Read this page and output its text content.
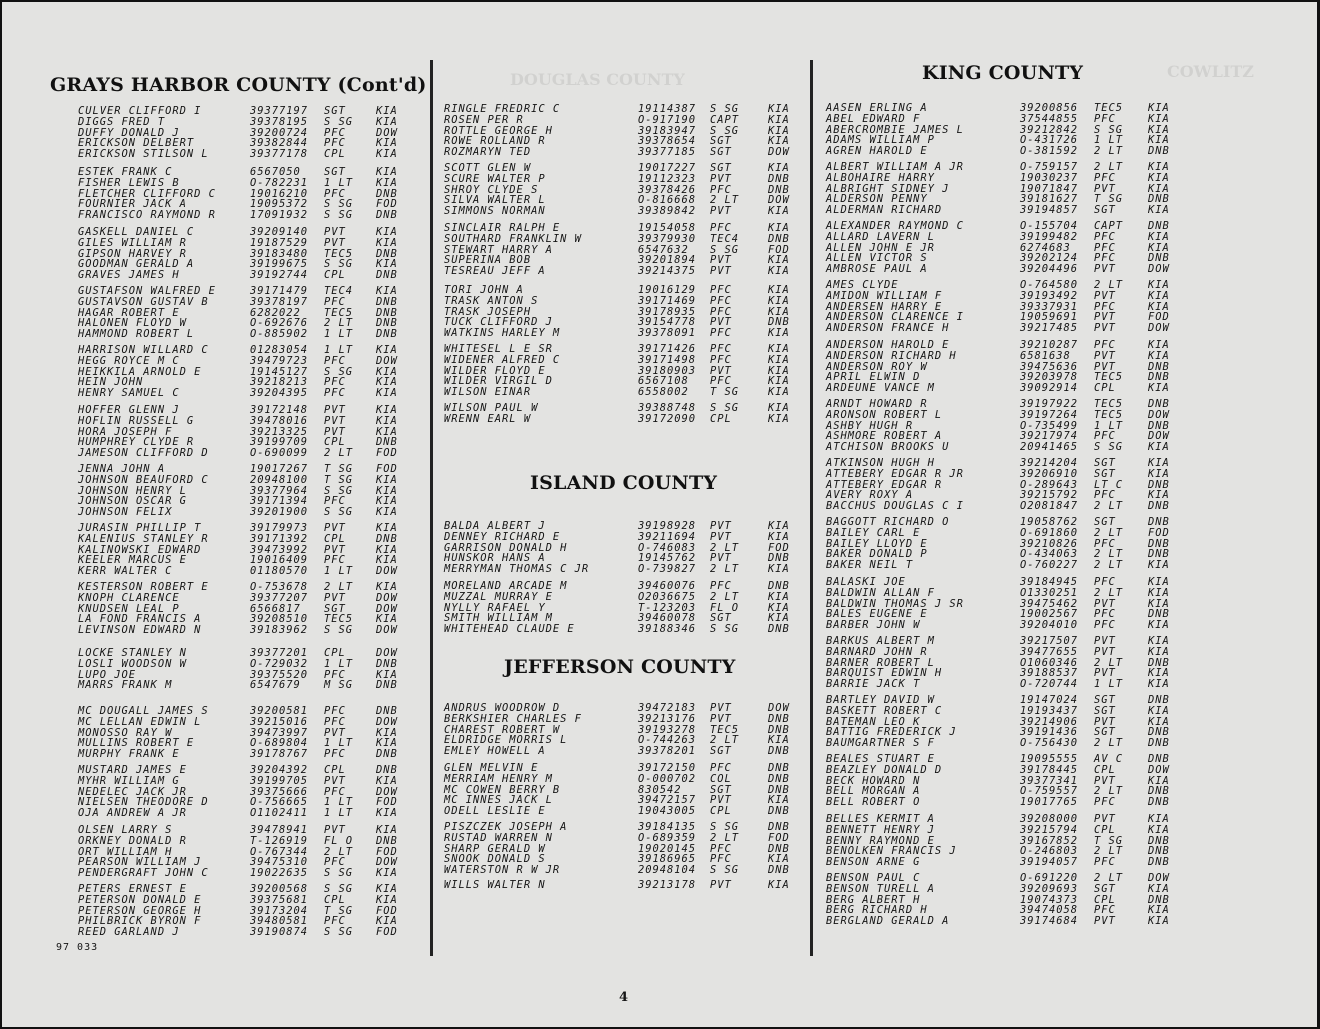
DOUGLAS COUNTY	COWLITZ
GRAYS HARBOR COUNTY (Cont'd)
CULVER CLIFFORD I	39377197 SGT	KIA
DIGGS FRED T	39378195 S SG KIA
DUFFY DONALD J	39200724 PFC	DOW
ERICKSON DELBERT	39382844 PFC	KIA
ERICKSON STILSON L	39377178 CPL	KIA
ESTEK FRANK C	6567050 SGT	KIA
FISHER LEWIS B	O-782231 1 LT KIA
FLETCHER CLIFFORD C	19016210 PFC	DNB
FOURNIER JACK A	19095372 S SG FOD
FRANCISCO RAYMOND R	17091932 S SG DNB
GASKELL DANIEL C	39209140 PVT	KIA
GILES WILLIAM R	19187529 PVT	KIA
GIPSON HARVEY R	39183480 TEC5 DNB
GOODMAN GERALD A	39199675 S SG KIA
GRAVES JAMES H	39192744 CPL	DNB
GUSTAFSON WALFRED E	39171479 TEC4 KIA
GUSTAVSON GUSTAV B	39378197 PFC	DNB
HAGAR ROBERT E	6282022 TEC5 DNB
HALONEN FLOYD W	O-692676 2 LT DNB
HAMMOND ROBERT L	O-885902 1 LT DNB
HARRISON WILLARD C	01283054 1 LT KIA
HEGG ROYCE M C	39479723 PFC	DOW
HEIKKILA ARNOLD E	19145127 S SG KIA
HEIN JOHN	39218213 PFC	KIA
HENRY SAMUEL C	39204395 PFC	KIA
HOFFER GLENN J	39172148 PVT	KIA
HOFLIN RUSSELL G	39478016 PVT	KIA
HORA JOSEPH F	39213325 PVT	KIA
HUMPHREY CLYDE R	39199709 CPL	DNB
JAMESON CLIFFORD D	O-690099 2 LT FOD
JENNA JOHN A	19017267 T SG FOD
JOHNSON BEAUFORD C	20948100 T SG KIA
JOHNSON HENRY L	39377964 S SG KIA
JOHNSON OSCAR G	39171394 PFC	KIA
JOHNSON FELIX	39201900 S SG KIA
JURASIN PHILLIP T	39179973 PVT	KIA
KALENIUS STANLEY R	39171392 CPL	DNB
KALINOWSKI EDWARD	39473992 PVT	KIA
KEELER MARCUS E	19016409 PFC	KIA
KERR WALTER C	01180570 1 LT DOW
KESTERSON ROBERT E	O-753678 2 LT KIA
KNOPH CLARENCE	39377207 PVT	DOW
KNUDSEN LEAL P	6566817 SGT	DOW
LA FOND FRANCIS A	39208510 TEC5 KIA
LEVINSON EDWARD N	39183962 S SG DOW
LOCKE STANLEY N	39377201 CPL	DOW
LOSLI WOODSON W	O-729032 1 LT DNB
LUPO JOE	39375520 PFC	KIA
MARRS FRANK M	6547679 M SG DNB
MC DOUGALL JAMES S	39200581 PFC	DNB
MC LELLAN EDWIN L	39215016 PFC	DOW
MONOSSO RAY W	39473997 PVT	KIA
MULLINS ROBERT E	O-689804 1 LT KIA
MURPHY FRANK E	39178767 PFC	DNB
MUSTARD JAMES E	39204392 CPL	DNB
MYHR WILLIAM G	39199705 PVT	KIA
NEDELEC JACK JR	39375666 PFC	DOW
NIELSEN THEODORE D	O-756665 1 LT FOD
OJA ANDREW A JR	O1102411 1 LT KIA
OLSEN LARRY S	39478941 PVT	KIA
ORKNEY DONALD R	T-126919 FL O DNB
ORT WILLIAM H	O-767344 2 LT FOD
PEARSON WILLIAM J	39475310 PFC	DOW
PENDERGRAFT JOHN C	19022635 S SG KIA
PETERS ERNEST E	39200568 S SG KIA
PETERSON DONALD E	39375681 CPL	KIA
PETERSON GEORGE H	39173204 T SG FOD
PHILBRICK BYRON F	39480581 PFC	KIA
REED GARLAND J	39190874 S SG FOD
RINGLE FREDRIC C	19114387 S SG	KIA
ROSEN PER R	O-917190 CAPT	KIA
ROTTLE GEORGE H	39183947 S SG	KIA
ROWE ROLLAND R	39378654 SGT	KIA
ROZMARYN TED	39377185 SGT	DOW
SCOTT GLEN W	19017227 SGT	KIA
SCURE WALTER P	19112323 PVT	DNB
SHROY CLYDE S	39378426 PFC	DNB
SILVA WALTER L	O-816668 2 LT	DOW
SIMMONS NORMAN	39389842 PVT	KIA
SINCLAIR RALPH E	19154058 PFC	KIA
SOUTHARD FRANKLIN W	39379930 TEC4	DNB
STEWART HARRY A	6547632 S SG	FOD
SUPERINA BOB	39201894 PVT	KIA
TESREAU JEFF A	39214375 PVT	KIA
TORI JOHN A	19016129 PFC	KIA
TRASK ANTON S	39171469 PFC	KIA
TRASK JOSEPH	39178935 PFC	KIA
TUCK CLIFFORD J	39154778 PVT	DNB
WATKINS HARLEY M	39378091 PFC	KIA
WHITESEL L E SR	39171426 PFC	KIA
WIDENER ALFRED C	39171498 PFC	KIA
WILDER FLOYD E	39180903 PVT	KIA
WILDER VIRGIL D	6567108 PFC	KIA
WILSON EINAR	6558002 T SG	KIA
WILSON PAUL W	39388748 S SG	KIA
WRENN EARL W	39172090 CPL	KIA
ISLAND COUNTY
BALDA ALBERT J	39198928 PVT	KIA
DENNEY RICHARD E	39211694 PVT	KIA
GARRISON DONALD H	O-746083 2 LT	FOD
HUNSKOR HANS A	19145762 PVT	DNB
MERRYMAN THOMAS C JR	O-739827 2 LT	KIA
MORELAND ARCADE M	39460076 PFC	DNB
MUZZAL MURRAY E	O2036675 2 LT	KIA
NYLLY RAFAEL Y	T-123203 FL O	KIA
SMITH WILLIAM M	39460078 SGT	KIA
WHITEHEAD CLAUDE E	39188346 S SG	DNB
JEFFERSON COUNTY
ANDRUS WOODROW D	39472183 PVT	DOW
BERKSHIER CHARLES F	39213176 PVT	DNB
CHAREST ROBERT W	39193278 TEC5	DNB
ELDRIDGE MORRIS L	O-744263 2 LT	KIA
EMLEY HOWELL A	39378201 SGT	DNB
GLEN MELVIN E	39172150 PFC	DNB
MERRIAM HENRY M	O-000702 COL	DNB
MC COWEN BERRY B	830542	SGT	DNB
MC INNES JACK L	39472157 PVT	KIA
ODELL LESLIE E	19043005 CPL	DNB
PISZCZEK JOSEPH A	39184135 S SG	DNB
RUSTAD WARREN N	O-689359 2 LT	FOD
SHARP GERALD W	19020145 PFC	DNB
SNOOK DONALD S	39186965 PFC	KIA
WATERSTON R W JR	20948104 S SG	DNB
WILLS WALTER N	39213178 PVT	KIA
KING COUNTY
AASEN ERLING A	39200856 TEC5 KIA
ABEL EDWARD F	37544855 PFC	KIA
ABERCROMBIE JAMES L	39212842 S SG KIA
ADAMS WILLIAM P	O-431726 1 LT KIA
AGREN HAROLD E	O-381592 2 LT DNB
ALBERT WILLIAM A JR	O-759157 2 LT KIA
ALBOHAIRE HARRY	19030237 PFC	KIA
ALBRIGHT SIDNEY J	19071847 PVT	KIA
ALDERSON PENNY	39181627 T SG DNB
ALDERMAN RICHARD	39194857 SGT	KIA
ALEXANDER RAYMOND C	O-155704 CAPT DNB
ALLARD LAVERN L	39199482 PFC	KIA
ALLEN JOHN E JR	6274683 PFC	KIA
ALLEN VICTOR S	39202124 PFC	DNB
AMBROSE PAUL A	39204496 PVT	DOW
AMES CLYDE	O-764580 2 LT KIA
AMIDON WILLIAM F	39193492 PVT	KIA
ANDERSEN HARRY E	39337931 PFC	KIA
ANDERSON CLARENCE I	19059691 PVT	FOD
ANDERSON FRANCE H	39217485 PVT	DOW
ANDERSON HAROLD E	39210287 PFC	KIA
ANDERSON RICHARD H	6581638 PVT	KIA
ANDERSON ROY W	39475636 PVT	DNB
APRIL ELWIN D	39203978 TEC5 DNB
ARDEUNE VANCE M	39092914 CPL	KIA
ARNDT HOWARD R	39197922 TEC5 DNB
ARONSON ROBERT L	39197264 TEC5 DOW
ASHBY HUGH R	O-735499 1 LT DNB
ASHMORE ROBERT A	39217974 PFC	DOW
ATCHISON BROOKS U	20941465 S SG KIA
ATKINSON HUGH H	39214204 SGT	KIA
ATTEBERY EDGAR R JR	39206910 SGT	KIA
ATTEBERY EDGAR R	O-289643 LT C DNB
AVERY ROXY A	39215792 PFC	KIA
BACCHUS DOUGLAS C I	O2081847 2 LT DNB
BAGGOTT RICHARD O	19058762 SGT	DNB
BAILEY CARL E	O-691860 2 LT FOD
BAILEY LLOYD E	39210826 PFC	DNB
BAKER DONALD P	O-434063 2 LT DNB
BAKER NEIL T	O-760227 2 LT KIA
BALASKI JOE	39184945 PFC	KIA
BALDWIN ALLAN F	O1330251 2 LT KIA
BALDWIN THOMAS J SR	39475462 PVT	KIA
BALES EUGENE E	19002567 PFC	DNB
BARBER JOHN W	39204010 PFC	KIA
BARKUS ALBERT M	39217507 PVT	KIA
BARNARD JOHN R	39477655 PVT	KIA
BARNER ROBERT L	O1060346 2 LT DNB
BARQUIST EDWIN H	39188537 PVT	KIA
BARRIE JACK T	O-720744 1 LT KIA
BARTLEY DAVID W	19147024 SGT	DNB
BASKETT ROBERT C	19193437 SGT	KIA
BATEMAN LEO K	39214906 PVT	KIA
BATTIG FREDERICK J	39191436 SGT	DNB
BAUMGARTNER S F	O-756430 2 LT DNB
BEALES STUART E	19095555 AV C DNB
BEAZLEY DONALD D	39178445 CPL	DOW
BECK HOWARD N	39377341 PVT	KIA
BELL MORGAN A	O-759557 2 LT DNB
BELL ROBERT O	19017765 PFC	DNB
BELLES KERMIT A	39208000 PVT	KIA
BENNETT HENRY J	39215794 CPL	KIA
BENNY RAYMOND E	39167852 T SG DNB
BENOLKEN FRANCIS J	O-246803 2 LT DNB
BENSON ARNE G	39194057 PFC	DNB
BENSON PAUL C	O-691220 2 LT DOW
BENSON TURELL A	39209693 SGT	KIA
BERG ALBERT H	19074373 CPL	DNB
BERG RICHARD H	39474058 PFC	KIA
BERGLAND GERALD A	39174684 PVT	KIA
97 033
4
